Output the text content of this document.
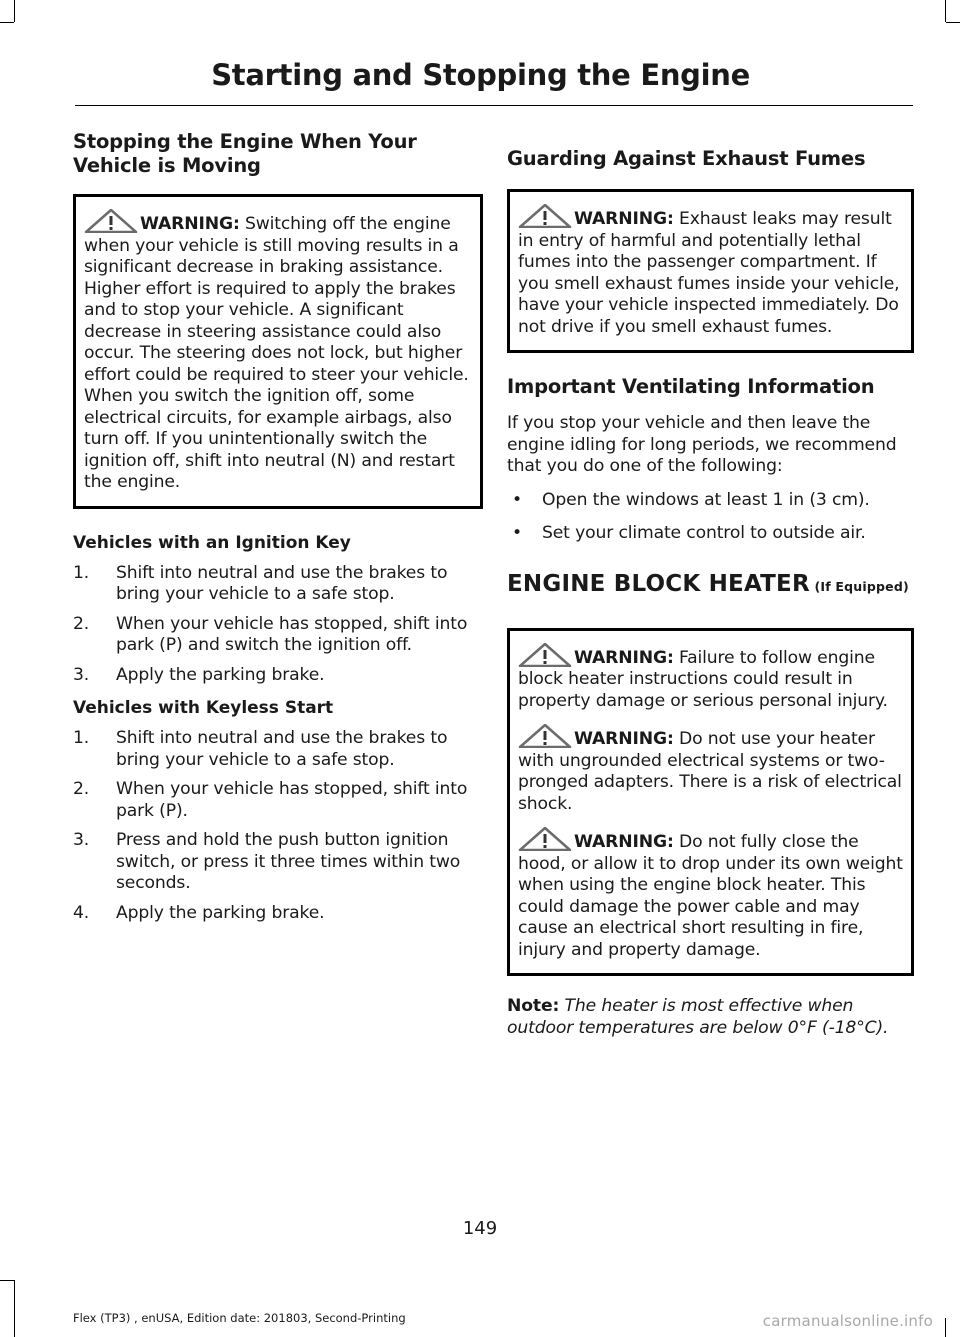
Starting and Stopping the Engine
Stopping the Engine When Your Vehicle is Moving

WARNING: Switching off the engine when your vehicle is still moving results in a significant decrease in braking assistance. Higher effort is required to apply the brakes and to stop your vehicle. A significant decrease in steering assistance could also occur. The steering does not lock, but higher effort could be required to steer your vehicle. When you switch the ignition off, some electrical circuits, for example airbags, also turn off. If you unintentionally switch the ignition off, shift into neutral (N) and restart the engine.

Vehicles with an Ignition Key
1. Shift into neutral and use the brakes to bring your vehicle to a safe stop.
2. When your vehicle has stopped, shift into park (P) and switch the ignition off.
3. Apply the parking brake.
Vehicles with Keyless Start
1. Shift into neutral and use the brakes to bring your vehicle to a safe stop.
2. When your vehicle has stopped, shift into park (P).
3. Press and hold the push button ignition switch, or press it three times within two seconds.
4. Apply the parking brake.
Guarding Against Exhaust Fumes

WARNING: Exhaust leaks may result in entry of harmful and potentially lethal fumes into the passenger compartment. If you smell exhaust fumes inside your vehicle, have your vehicle inspected immediately. Do not drive if you smell exhaust fumes.

Important Ventilating Information

If you stop your vehicle and then leave the engine idling for long periods, we recommend that you do one of the following:

• Open the windows at least 1 in (3 cm).
• Set your climate control to outside air.
ENGINE BLOCK HEATER (If Equipped)

WARNING: Failure to follow engine block heater instructions could result in property damage or serious personal injury.

WARNING: Do not use your heater with ungrounded electrical systems or two-pronged adapters. There is a risk of electrical shock.

WARNING: Do not fully close the hood, or allow it to drop under its own weight when using the engine block heater. This could damage the power cable and may cause an electrical short resulting in fire, injury and property damage.

Note: The heater is most effective when outdoor temperatures are below 0°F (-18°C).

149
Flex (TP3) , enUSA, Edition date: 201803, Second-Printing	carmanualsonline.info
